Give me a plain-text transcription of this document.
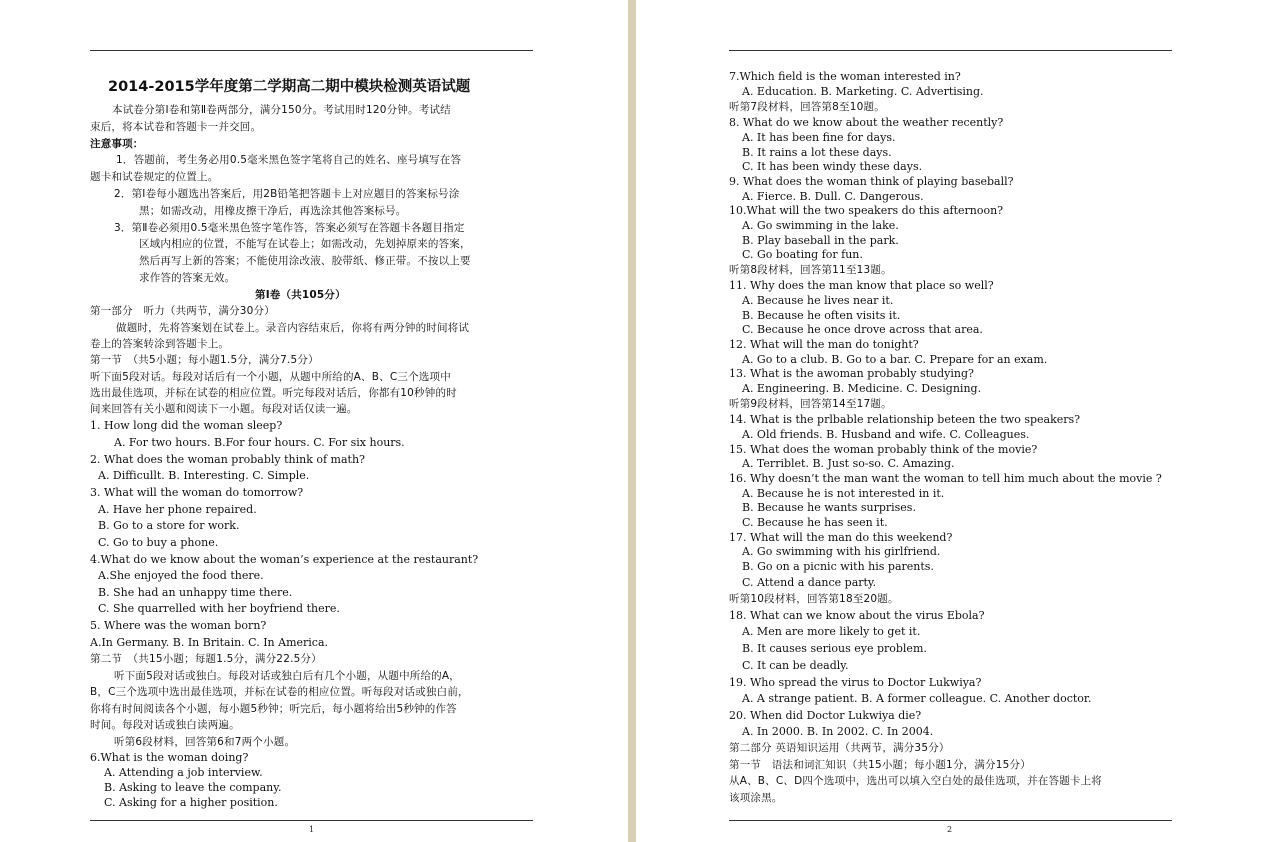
2014-2015学年度第二学期高二期中模块检测英语试题
本试卷分第Ⅰ卷和第Ⅱ卷两部分，满分150分。考试用时120分钟。考试结
束后，将本试卷和答题卡一并交回。
注意事项：
1．答题前，考生务必用0.5毫米黑色签字笔将自己的姓名、座号填写在答
题卡和试卷规定的位置上。
2．第Ⅰ卷每小题选出答案后，用2B铅笔把答题卡上对应题目的答案标号涂
黑；如需改动，用橡皮擦干净后，再选涂其他答案标号。
3．第Ⅱ卷必须用0.5毫米黑色签字笔作答，答案必须写在答题卡各题目指定
区域内相应的位置，不能写在试卷上；如需改动，先划掉原来的答案，
然后再写上新的答案；不能使用涂改液、胶带纸、修正带。不按以上要
求作答的答案无效。
第Ⅰ卷（共105分）
第一部分　听力（共两节，满分30分）
做题时，先将答案划在试卷上。录音内容结束后，你将有两分钟的时间将试
卷上的答案转涂到答题卡上。
第一节　（共5小题；每小题1.5分，满分7.5分）
听下面5段对话。每段对话后有一个小题，从题中所给的A、B、C三个选项中
选出最佳选项，并标在试卷的相应位置。听完每段对话后，你都有10秒钟的时
间来回答有关小题和阅读下一小题。每段对话仅读一遍。
1. How long did the woman sleep?
A. For two hours. B.For four hours. C. For six hours.
2. What does the woman probably think of math?
A. Difficullt. B. Interesting. C. Simple.
3. What will the woman do tomorrow?
A. Have her phone repaired.
B. Go to a store for work.
C. Go to buy a phone.
4.What do we know about the woman’s experience at the restaurant?
A.She enjoyed the food there.
B. She had an unhappy time there.
C. She quarrelled with her boyfriend there.
5. Where was the woman born?
A.In Germany. B. In Britain. C. In America.
第二节　（共15小题；每题1.5分，满分22.5分）
听下面5段对话或独白。每段对话或独白后有几个小题，从题中所给的A，
B，C三个选项中选出最佳选项，并标在试卷的相应位置。听每段对话或独白前，
你将有时间阅读各个小题，每小题5秒钟；听完后，每小题将给出5秒钟的作答
时间。每段对话或独白读两遍。
听第6段材料，回答第6和7两个小题。
6.What is the woman doing?
A. Attending a job interview.
B. Asking to leave the company.
C. Asking for a higher position.
1
7.Which field is the woman interested in?
A. Education. B. Marketing. C. Advertising.
听第7段材料，回答第8至10题。
8. What do we know about the weather recently?
A. It has been fine for days.
B. It rains a lot these days.
C. It has been windy these days.
9. What does the woman think of playing baseball?
A. Fierce. B. Dull. C. Dangerous.
10.What will the two speakers do this afternoon?
A. Go swimming in the lake.
B. Play baseball in the park.
C. Go boating for fun.
听第8段材料，回答第11至13题。
11. Why does the man know that place so well?
A. Because he lives near it.
B. Because he often visits it.
C. Because he once drove across that area.
12. What will the man do tonight?
A. Go to a club. B. Go to a bar. C. Prepare for an exam.
13. What is the awoman probably studying?
A. Engineering. B. Medicine. C. Designing.
听第9段材料，回答第14至17题。
14. What is the prlbable relationship beteen the two speakers?
A. Old friends. B. Husband and wife. C. Colleagues.
15. What does the woman probably think of the movie?
A. Terriblet. B. Just so-so. C. Amazing.
16. Why doesn’t the man want the woman to tell him much about the movie ?
A. Because he is not interested in it.
B. Because he wants surprises.
C. Because he has seen it.
17. What will the man do this weekend?
A. Go swimming with his girlfriend.
B. Go on a picnic with his parents.
C. Attend a dance party.
听第10段材料，回答第18至20题。
18. What can we know about the virus Ebola?
A. Men are more likely to get it.
B. It causes serious eye problem.
C. It can be deadly.
19. Who spread the virus to Doctor Lukwiya?
A. A strange patient. B. A former colleague. C. Another doctor.
20. When did Doctor Lukwiya die?
A. In 2000. B. In 2002. C. In 2004.
第二部分 英语知识运用（共两节，满分35分）
第一节　语法和词汇知识（共15小题；每小题1分，满分15分）
从A、B、C、D四个选项中，选出可以填入空白处的最佳选项，并在答题卡上将
该项涂黑。
2
